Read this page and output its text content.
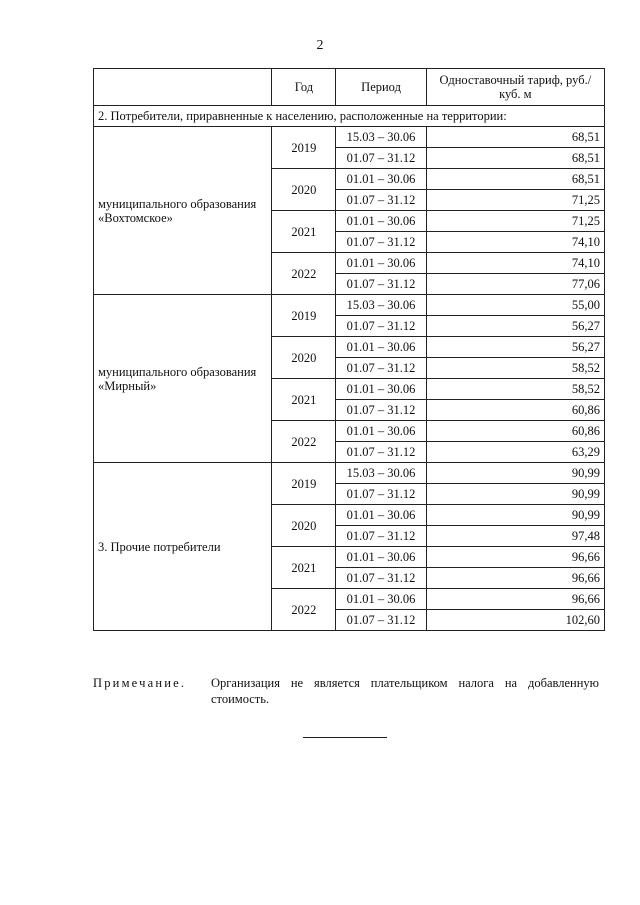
2
	Год	Период	Одноставочный тариф, руб./куб. м
2. Потребители, приравненные к населению, расположенные на территории:			
муниципального образования «Вохтомское»	2019	15.03 – 30.06	68,51
		01.07 – 31.12	68,51
	2020	01.01 – 30.06	68,51
		01.07 – 31.12	71,25
	2021	01.01 – 30.06	71,25
		01.07 – 31.12	74,10
	2022	01.01 – 30.06	74,10
		01.07 – 31.12	77,06
муниципального образования «Мирный»	2019	15.03 – 30.06	55,00
		01.07 – 31.12	56,27
	2020	01.01 – 30.06	56,27
		01.07 – 31.12	58,52
	2021	01.01 – 30.06	58,52
		01.07 – 31.12	60,86
	2022	01.01 – 30.06	60,86
		01.07 – 31.12	63,29
3. Прочие потребители	2019	15.03 – 30.06	90,99
		01.07 – 31.12	90,99
	2020	01.01 – 30.06	90,99
		01.07 – 31.12	97,48
	2021	01.01 – 30.06	96,66
		01.07 – 31.12	96,66
	2022	01.01 – 30.06	96,66
		01.07 – 31.12	102,60
Примечание. Организация не является плательщиком налога на добавленную стоимость.
